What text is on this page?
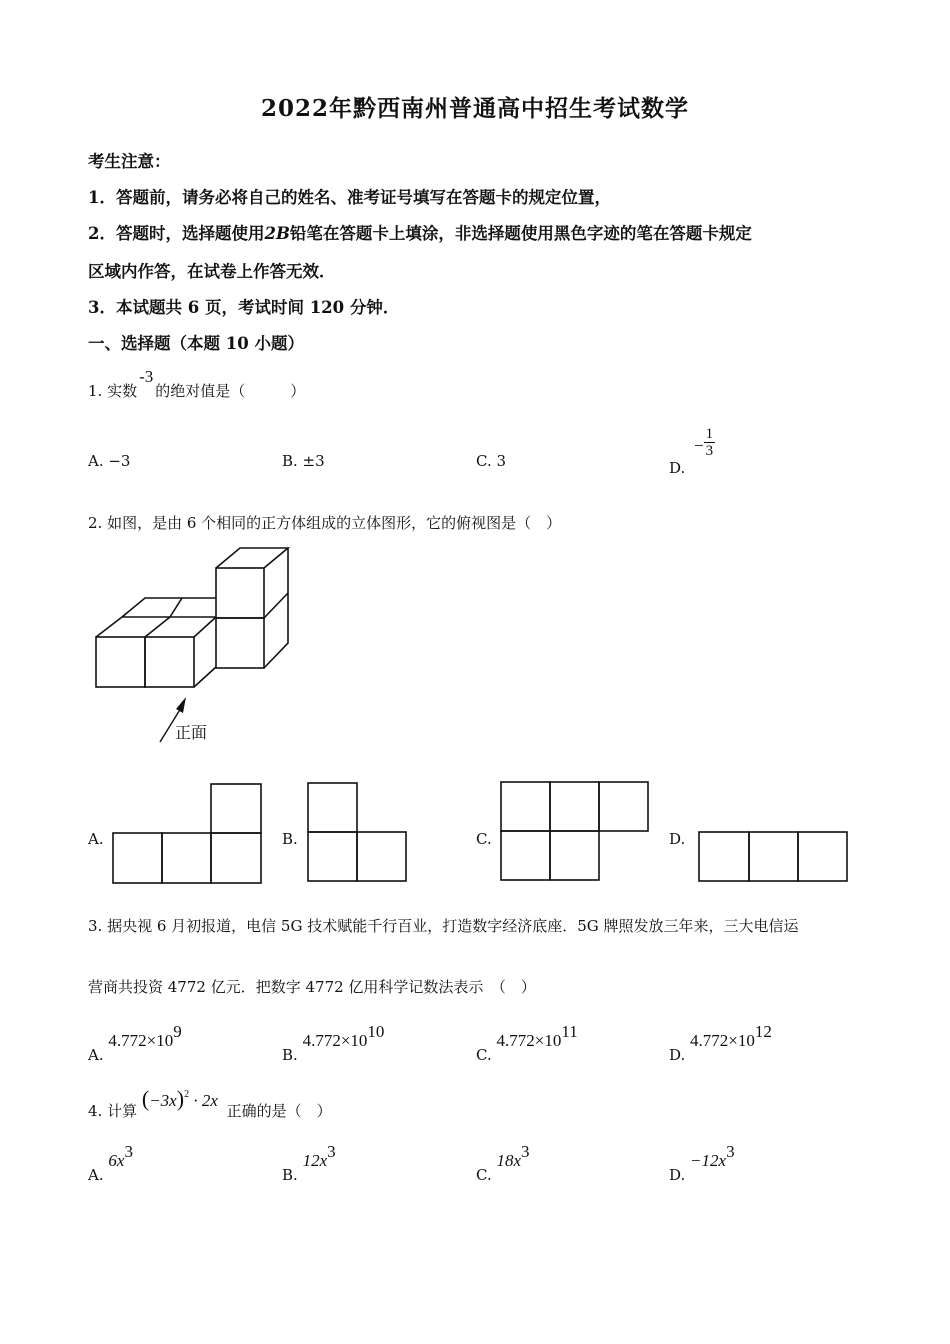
2022年黔西南州普通高中招生考试数学
考生注意：
1．答题前，请务必将自己的姓名、准考证号填写在答题卡的规定位置，
2．答题时，选择题使用2B铅笔在答题卡上填涂，非选择题使用黑色字迹的笔在答题卡规定
区域内作答，在试卷上作答无效．
3．本试题共 6 页，考试时间 120 分钟．
一、选择题（本题 10 小题）
1. 实数-3的绝对值是（　　　）
A. −3	B. ±3	C. 3	D. − $\frac{1}{3}$
2. 如图，是由 6 个相同的正方体组成的立体图形，它的俯视图是（　）
正面
A.	B.	C.	D.
3. 据央视 6 月初报道，电信 5G 技术赋能千行百业，打造数字经济底座．5G 牌照发放三年来，三大电信运
营商共投资 4772 亿元．把数字 4772 亿用科学记数法表示　（　）
A. $4.772\times 10^9$
B. $4.772\times 10^{10}$
C. $4.772\times 10^{11}$
D. $4.772\times 10^{12}$
4. 计算 $(-3x)^2 \cdot 2x$ 正确的是（　）
A. $6x^3$
B. $12x^3$
C. $18x^3$
D. $-12x^3$
